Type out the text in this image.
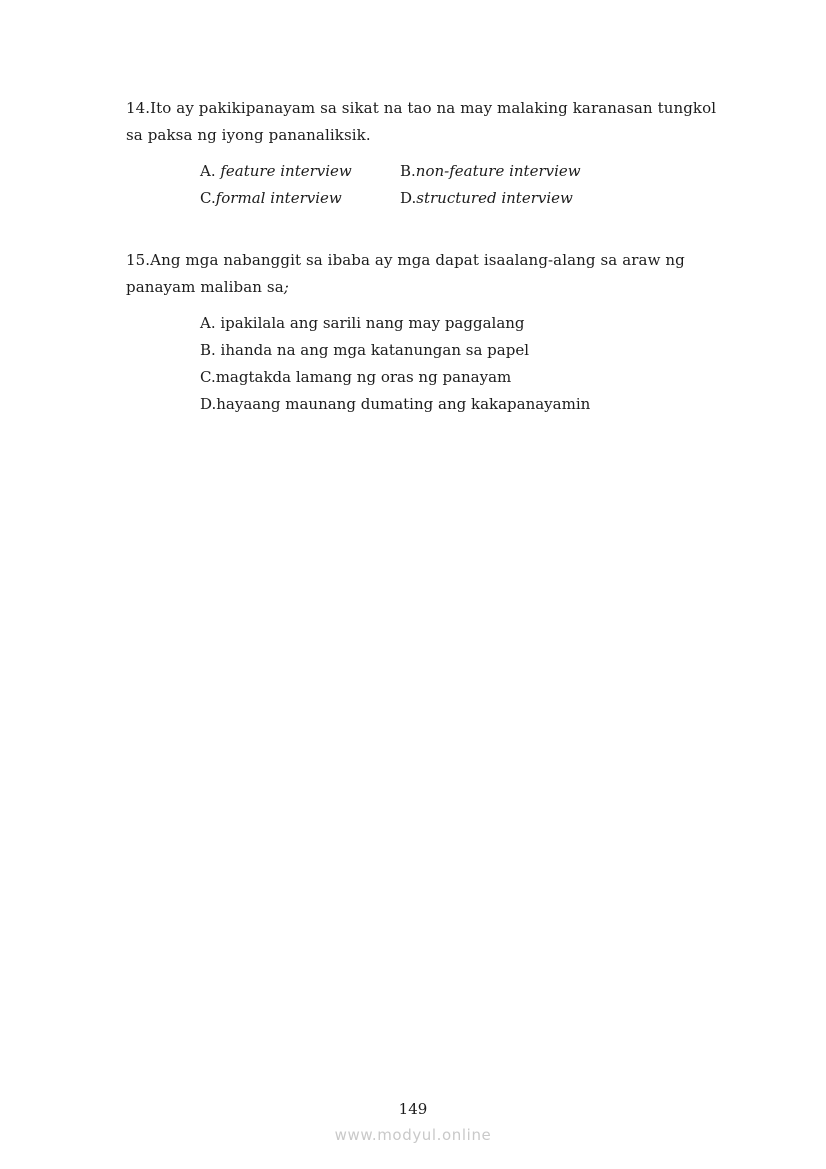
14.Ito ay pakikipanayam sa sikat na tao na may malaking karanasan tungkol sa paksa ng iyong pananaliksik.
A. feature interview	B.non-feature interview
C.formal interview	D.structured interview
15.Ang mga nabanggit sa ibaba ay mga dapat isaalang-alang sa araw ng panayam maliban sa;
A. ipakilala ang sarili nang may paggalang
B. ihanda na ang mga katanungan sa papel
C.magtakda lamang ng oras ng panayam
D.hayaang maunang dumating ang kakapanayamin
149
www.modyul.online
